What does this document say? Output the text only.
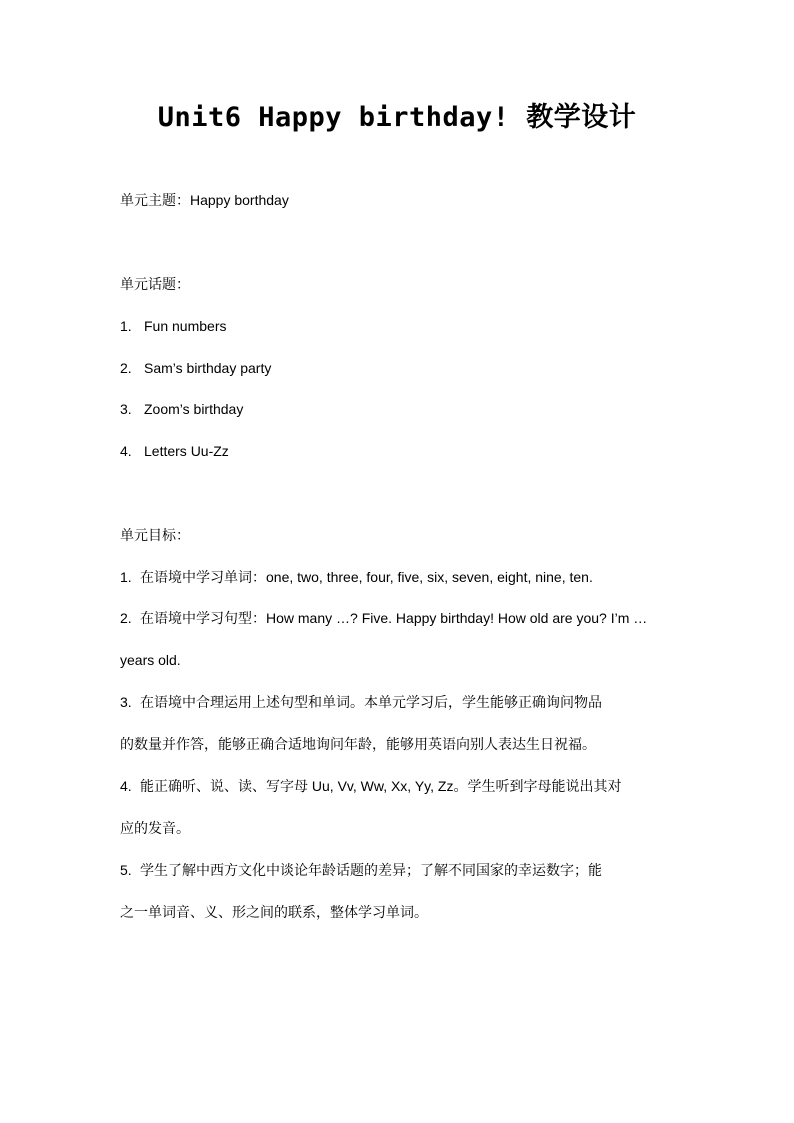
Unit6 Happy birthday! 教学设计
单元主题：Happy borthday
单元话题：
1. Fun numbers
2. Sam’s birthday party
3. Zoom’s birthday
4. Letters Uu-Zz
单元目标：
1. 在语境中学习单词：one, two, three, four, five, six, seven, eight, nine, ten.
2. 在语境中学习句型：How many …? Five. Happy birthday! How old are you? I’m …
years old.
3. 在语境中合理运用上述句型和单词。本单元学习后，学生能够正确询问物品
的数量并作答，能够正确合适地询问年龄，能够用英语向别人表达生日祝福。
4. 能正确听、说、读、写字母 Uu, Vv, Ww, Xx, Yy, Zz。学生听到字母能说出其对
应的发音。
5. 学生了解中西方文化中谈论年龄话题的差异；了解不同国家的幸运数字；能
之一单词音、义、形之间的联系，整体学习单词。
